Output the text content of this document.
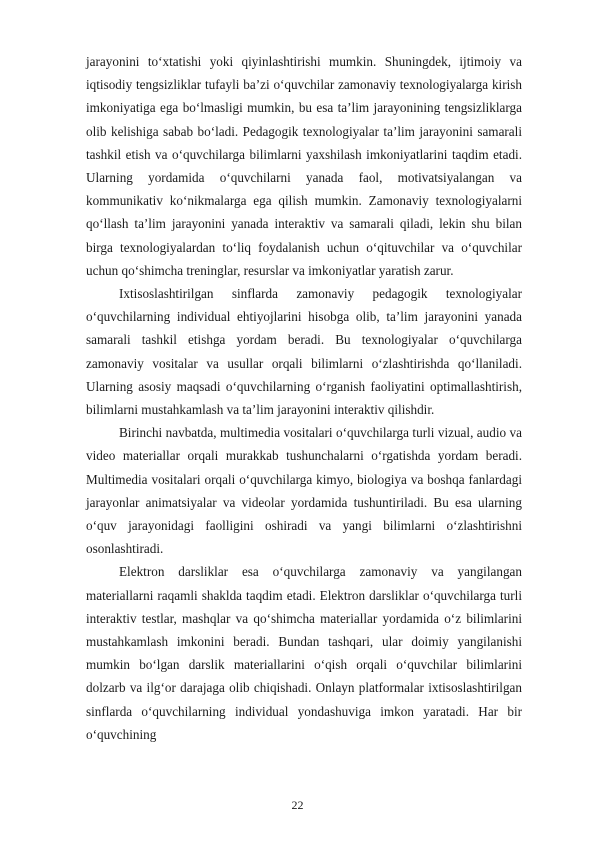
jarayonini to‘xtatishi yoki qiyinlashtirishi mumkin. Shuningdek, ijtimoiy va iqtisodiy tengsizliklar tufayli ba’zi o‘quvchilar zamonaviy texnologiyalarga kirish imkoniyatiga ega bo‘lmasligi mumkin, bu esa ta’lim jarayonining tengsizliklarga olib kelishiga sabab bo‘ladi. Pedagogik texnologiyalar ta’lim jarayonini samarali tashkil etish va o‘quvchilarga bilimlarni yaxshilash imkoniyatlarini taqdim etadi. Ularning yordamida o‘quvchilarni yanada faol, motivatsiyalangan va kommunikativ ko‘nikmalarga ega qilish mumkin. Zamonaviy texnologiyalarni qo‘llash ta’lim jarayonini yanada interaktiv va samarali qiladi, lekin shu bilan birga texnologiyalardan to‘liq foydalanish uchun o‘qituvchilar va o‘quvchilar uchun qo‘shimcha treninglar, resurslar va imkoniyatlar yaratish zarur.

Ixtisoslashtirilgan sinflarda zamonaviy pedagogik texnologiyalar o‘quvchilarning individual ehtiyojlarini hisobga olib, ta’lim jarayonini yanada samarali tashkil etishga yordam beradi. Bu texnologiyalar o‘quvchilarga zamonaviy vositalar va usullar orqali bilimlarni o‘zlashtirishda qo‘llaniladi. Ularning asosiy maqsadi o‘quvchilarning o‘rganish faoliyatini optimallashtirish, bilimlarni mustahkamlash va ta’lim jarayonini interaktiv qilishdir.

Birinchi navbatda, multimedia vositalari o‘quvchilarga turli vizual, audio va video materiallar orqali murakkab tushunchalarni o‘rgatishda yordam beradi. Multimedia vositalari orqali o‘quvchilarga kimyo, biologiya va boshqa fanlardagi jarayonlar animatsiyalar va videolar yordamida tushuntiriladi. Bu esa ularning o‘quv jarayonidagi faolligini oshiradi va yangi bilimlarni o‘zlashtirishni osonlashtiradi.

Elektron darsliklar esa o‘quvchilarga zamonaviy va yangilangan materiallarni raqamli shaklda taqdim etadi. Elektron darsliklar o‘quvchilarga turli interaktiv testlar, mashqlar va qo‘shimcha materiallar yordamida o‘z bilimlarini mustahkamlash imkonini beradi. Bundan tashqari, ular doimiy yangilanishi mumkin bo‘lgan darslik materiallarini o‘qish orqali o‘quvchilar bilimlarini dolzarb va ilg‘or darajaga olib chiqishadi. Onlayn platformalar ixtisoslashtirilgan sinflarda o‘quvchilarning individual yondashuviga imkon yaratadi. Har bir o‘quvchining

22
